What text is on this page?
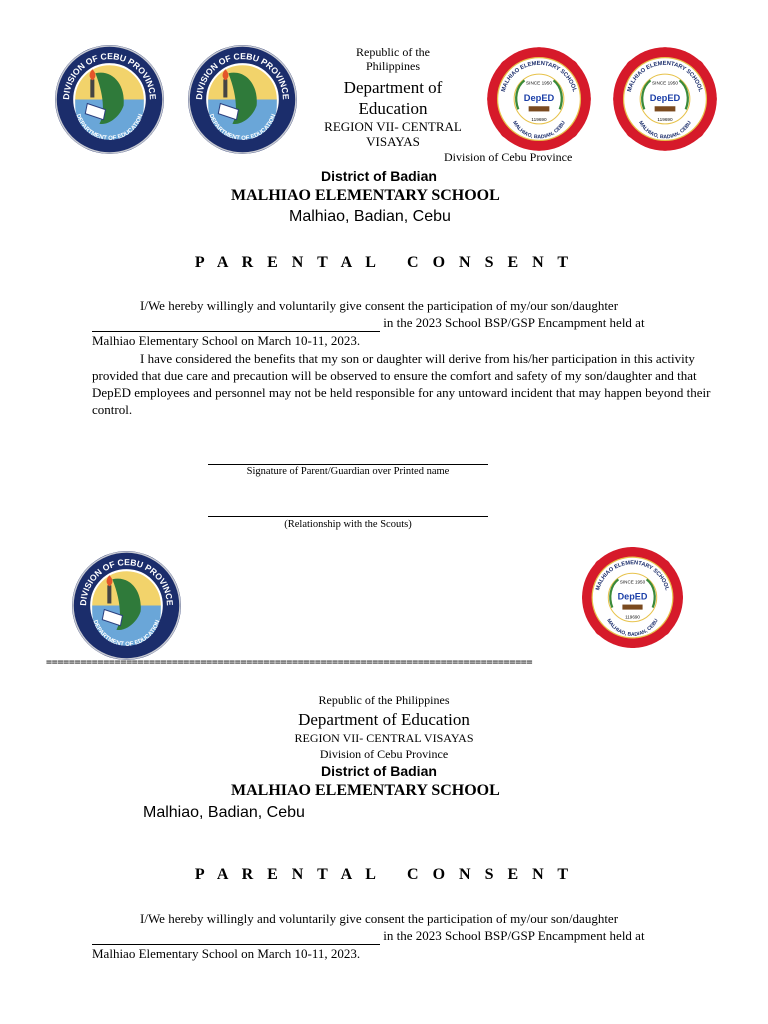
DIVISION OF CEBU PROVINCE
DEPARTMENT OF EDUCATION
DIVISION OF CEBU PROVINCE
DEPARTMENT OF EDUCATION
MALHIAO ELEMENTARY SCHOOL
SINCE 1950
DepED
119690
MALHIAO, BADIAN, CEBU
MALHIAO ELEMENTARY SCHOOL
SINCE 1950
DepED
119690
MALHIAO, BADIAN, CEBU
Republic of the
Philippines
Department of
Education
REGION VII- CENTRAL
VISAYAS
Division of Cebu Province
District of Badian
MALHIAO ELEMENTARY SCHOOL
Malhiao, Badian, Cebu
P A R E N T A L   C O N S E N T

I/We hereby willingly and voluntarily give consent the participation of my/our son/daughter
in the 2023 School BSP/GSP Encampment held at
Malhiao Elementary School on March 10-11, 2023.

I have considered the benefits that my son or daughter will derive from his/her participation in this activity provided that due care and precaution will be observed to ensure the comfort and safety of my son/daughter and that DepED employees and personnel may not be held responsible for any untoward incident that may happen beyond their control.

Signature of Parent/Guardian over Printed name
(Relationship with the Scouts)
DIVISION OF CEBU PROVINCE
DEPARTMENT OF EDUCATION
MALHIAO ELEMENTARY SCHOOL
SINCE 1950
DepED
119690
MALHIAO, BADIAN, CEBU
=====================================================================================
Republic of the Philippines
Department of Education
REGION VII- CENTRAL VISAYAS
Division of Cebu Province
District of Badian
MALHIAO ELEMENTARY SCHOOL
Malhiao, Badian, Cebu
P A R E N T A L   C O N S E N T

I/We hereby willingly and voluntarily give consent the participation of my/our son/daughter
in the 2023 School BSP/GSP Encampment held at
Malhiao Elementary School on March 10-11, 2023.
